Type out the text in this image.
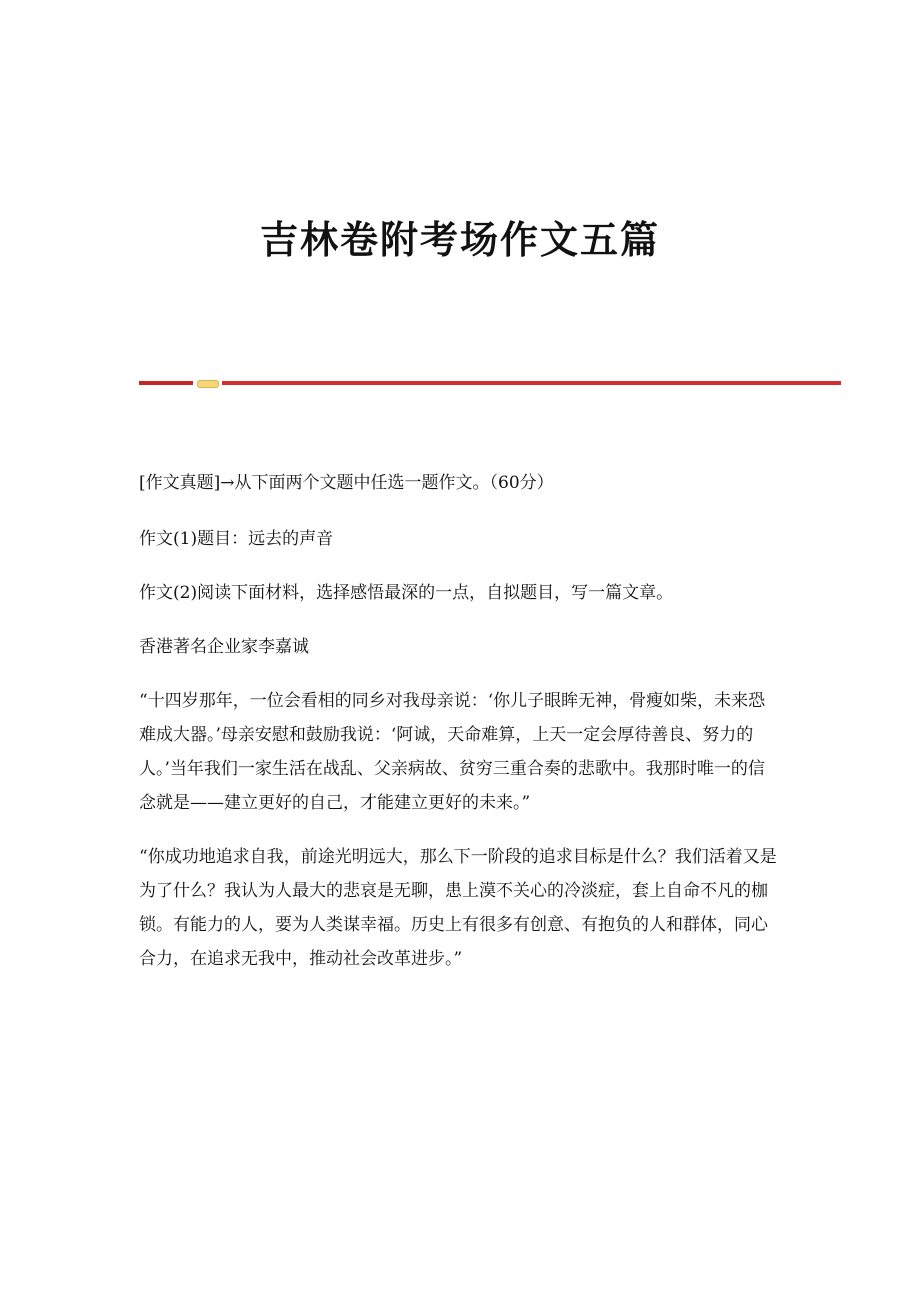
吉林卷附考场作文五篇

[作文真题]→从下面两个文题中任选一题作文。（60分）

作文(1)题目：远去的声音

作文(2)阅读下面材料，选择感悟最深的一点，自拟题目，写一篇文章。

香港著名企业家李嘉诚

“十四岁那年，一位会看相的同乡对我母亲说：‘你儿子眼眸无神，骨瘦如柴，未来恐难成大器。’母亲安慰和鼓励我说：‘阿诚，天命难算，上天一定会厚待善良、努力的人。’当年我们一家生活在战乱、父亲病故、贫穷三重合奏的悲歌中。我那时唯一的信念就是——建立更好的自己，才能建立更好的未来。”

“你成功地追求自我，前途光明远大，那么下一阶段的追求目标是什么？我们活着又是为了什么？我认为人最大的悲哀是无聊，患上漠不关心的冷淡症，套上自命不凡的枷锁。有能力的人，要为人类谋幸福。历史上有很多有创意、有抱负的人和群体，同心合力，在追求无我中，推动社会改革进步。”
